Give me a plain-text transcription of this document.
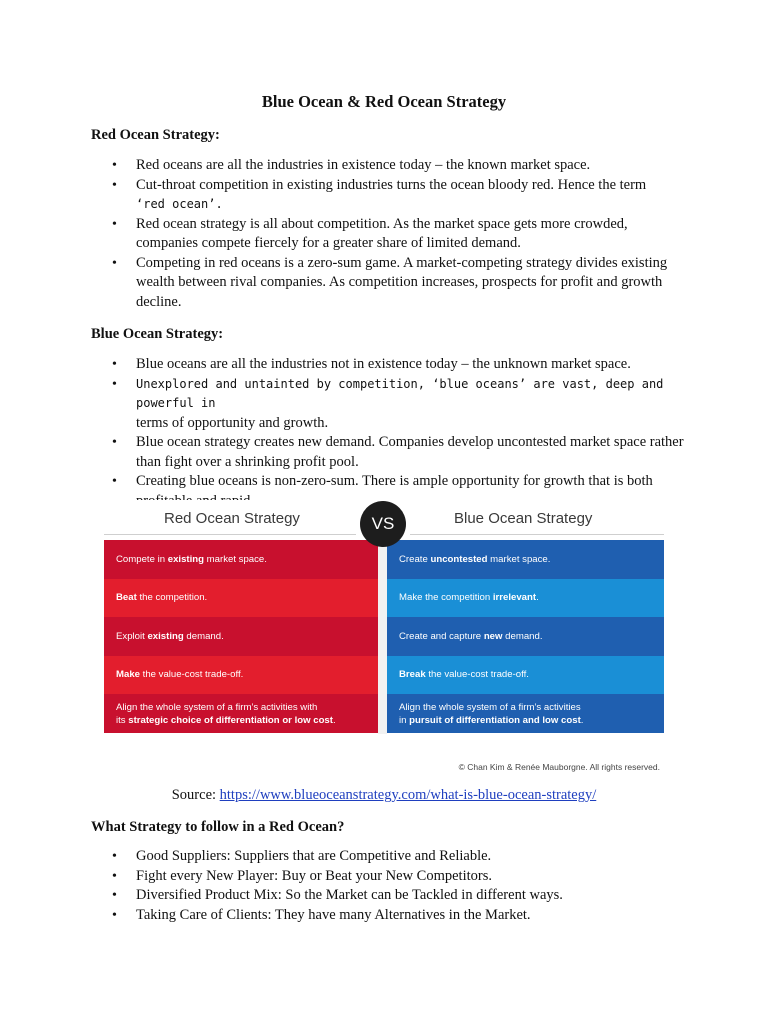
Blue Ocean & Red Ocean Strategy
Red Ocean Strategy:
• Red oceans are all the industries in existence today – the known market space.
• Cut-throat competition in existing industries turns the ocean bloody red. Hence the term
‘red ocean’.
• Red ocean strategy is all about competition. As the market space gets more crowded, companies compete fiercely for a greater share of limited demand.
• Competing in red oceans is a zero-sum game. A market-competing strategy divides existing wealth between rival companies. As competition increases, prospects for profit and growth decline.
Blue Ocean Strategy:
• Blue oceans are all the industries not in existence today – the unknown market space.
• Unexplored and untainted by competition, ‘blue oceans’ are vast, deep and powerful in
terms of opportunity and growth.
• Blue ocean strategy creates new demand. Companies develop uncontested market space rather than fight over a shrinking profit pool.
• Creating blue oceans is non-zero-sum. There is ample opportunity for growth that is both
Red Ocean Strategy	Blue Ocean Strategy
VS
Compete in existing market space.	Create uncontested market space.
Beat the competition.	Make the competition irrelevant.
Exploit existing demand.	Create and capture new demand.
Make the value-cost trade-off.	Break the value-cost trade-off.
Align the whole system of a firm’s activities with
its strategic choice of differentiation or low cost.
Align the whole system of a firm’s activities
in pursuit of differentiation and low cost.
© Chan Kim & Renée Mauborgne. All rights reserved.
Source: https://www.blueoceanstrategy.com/what-is-blue-ocean-strategy/
What Strategy to follow in a Red Ocean?
• Good Suppliers: Suppliers that are Competitive and Reliable.
• Fight every New Player: Buy or Beat your New Competitors.
• Diversified Product Mix: So the Market can be Tackled in different ways.
• Taking Care of Clients: They have many Alternatives in the Market.
